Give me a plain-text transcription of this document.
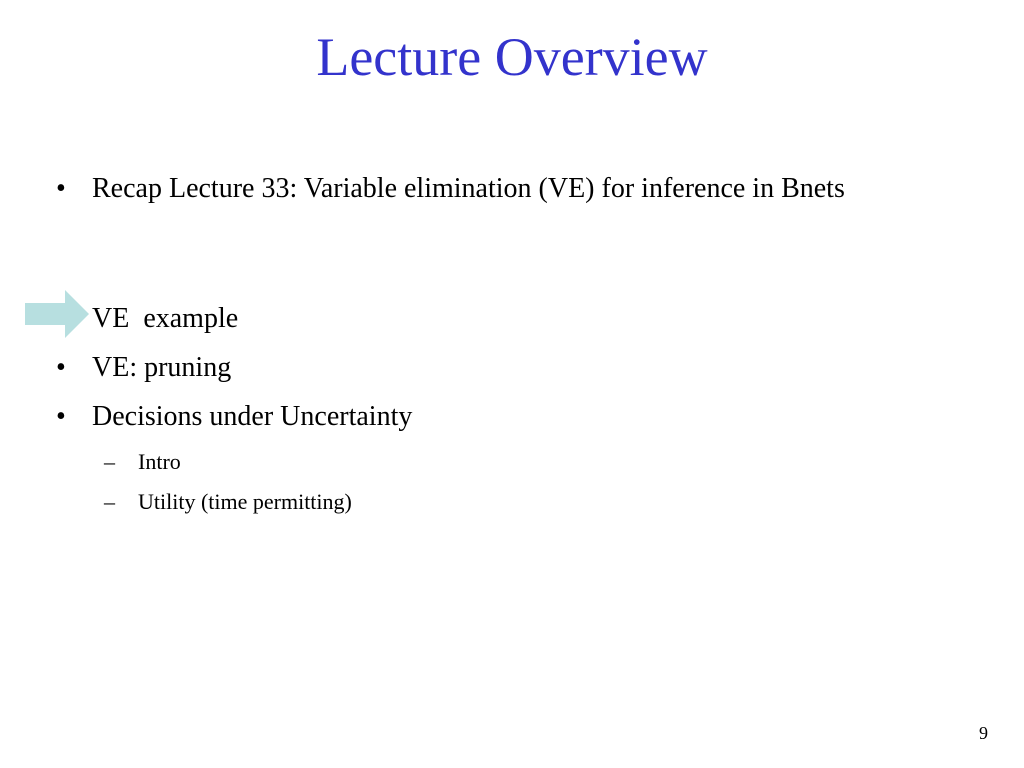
Lecture Overview
• Recap Lecture 33: Variable elimination (VE) for inference in Bnets
VE  example
• VE: pruning
• Decisions under Uncertainty
– Intro
– Utility (time permitting)
9
